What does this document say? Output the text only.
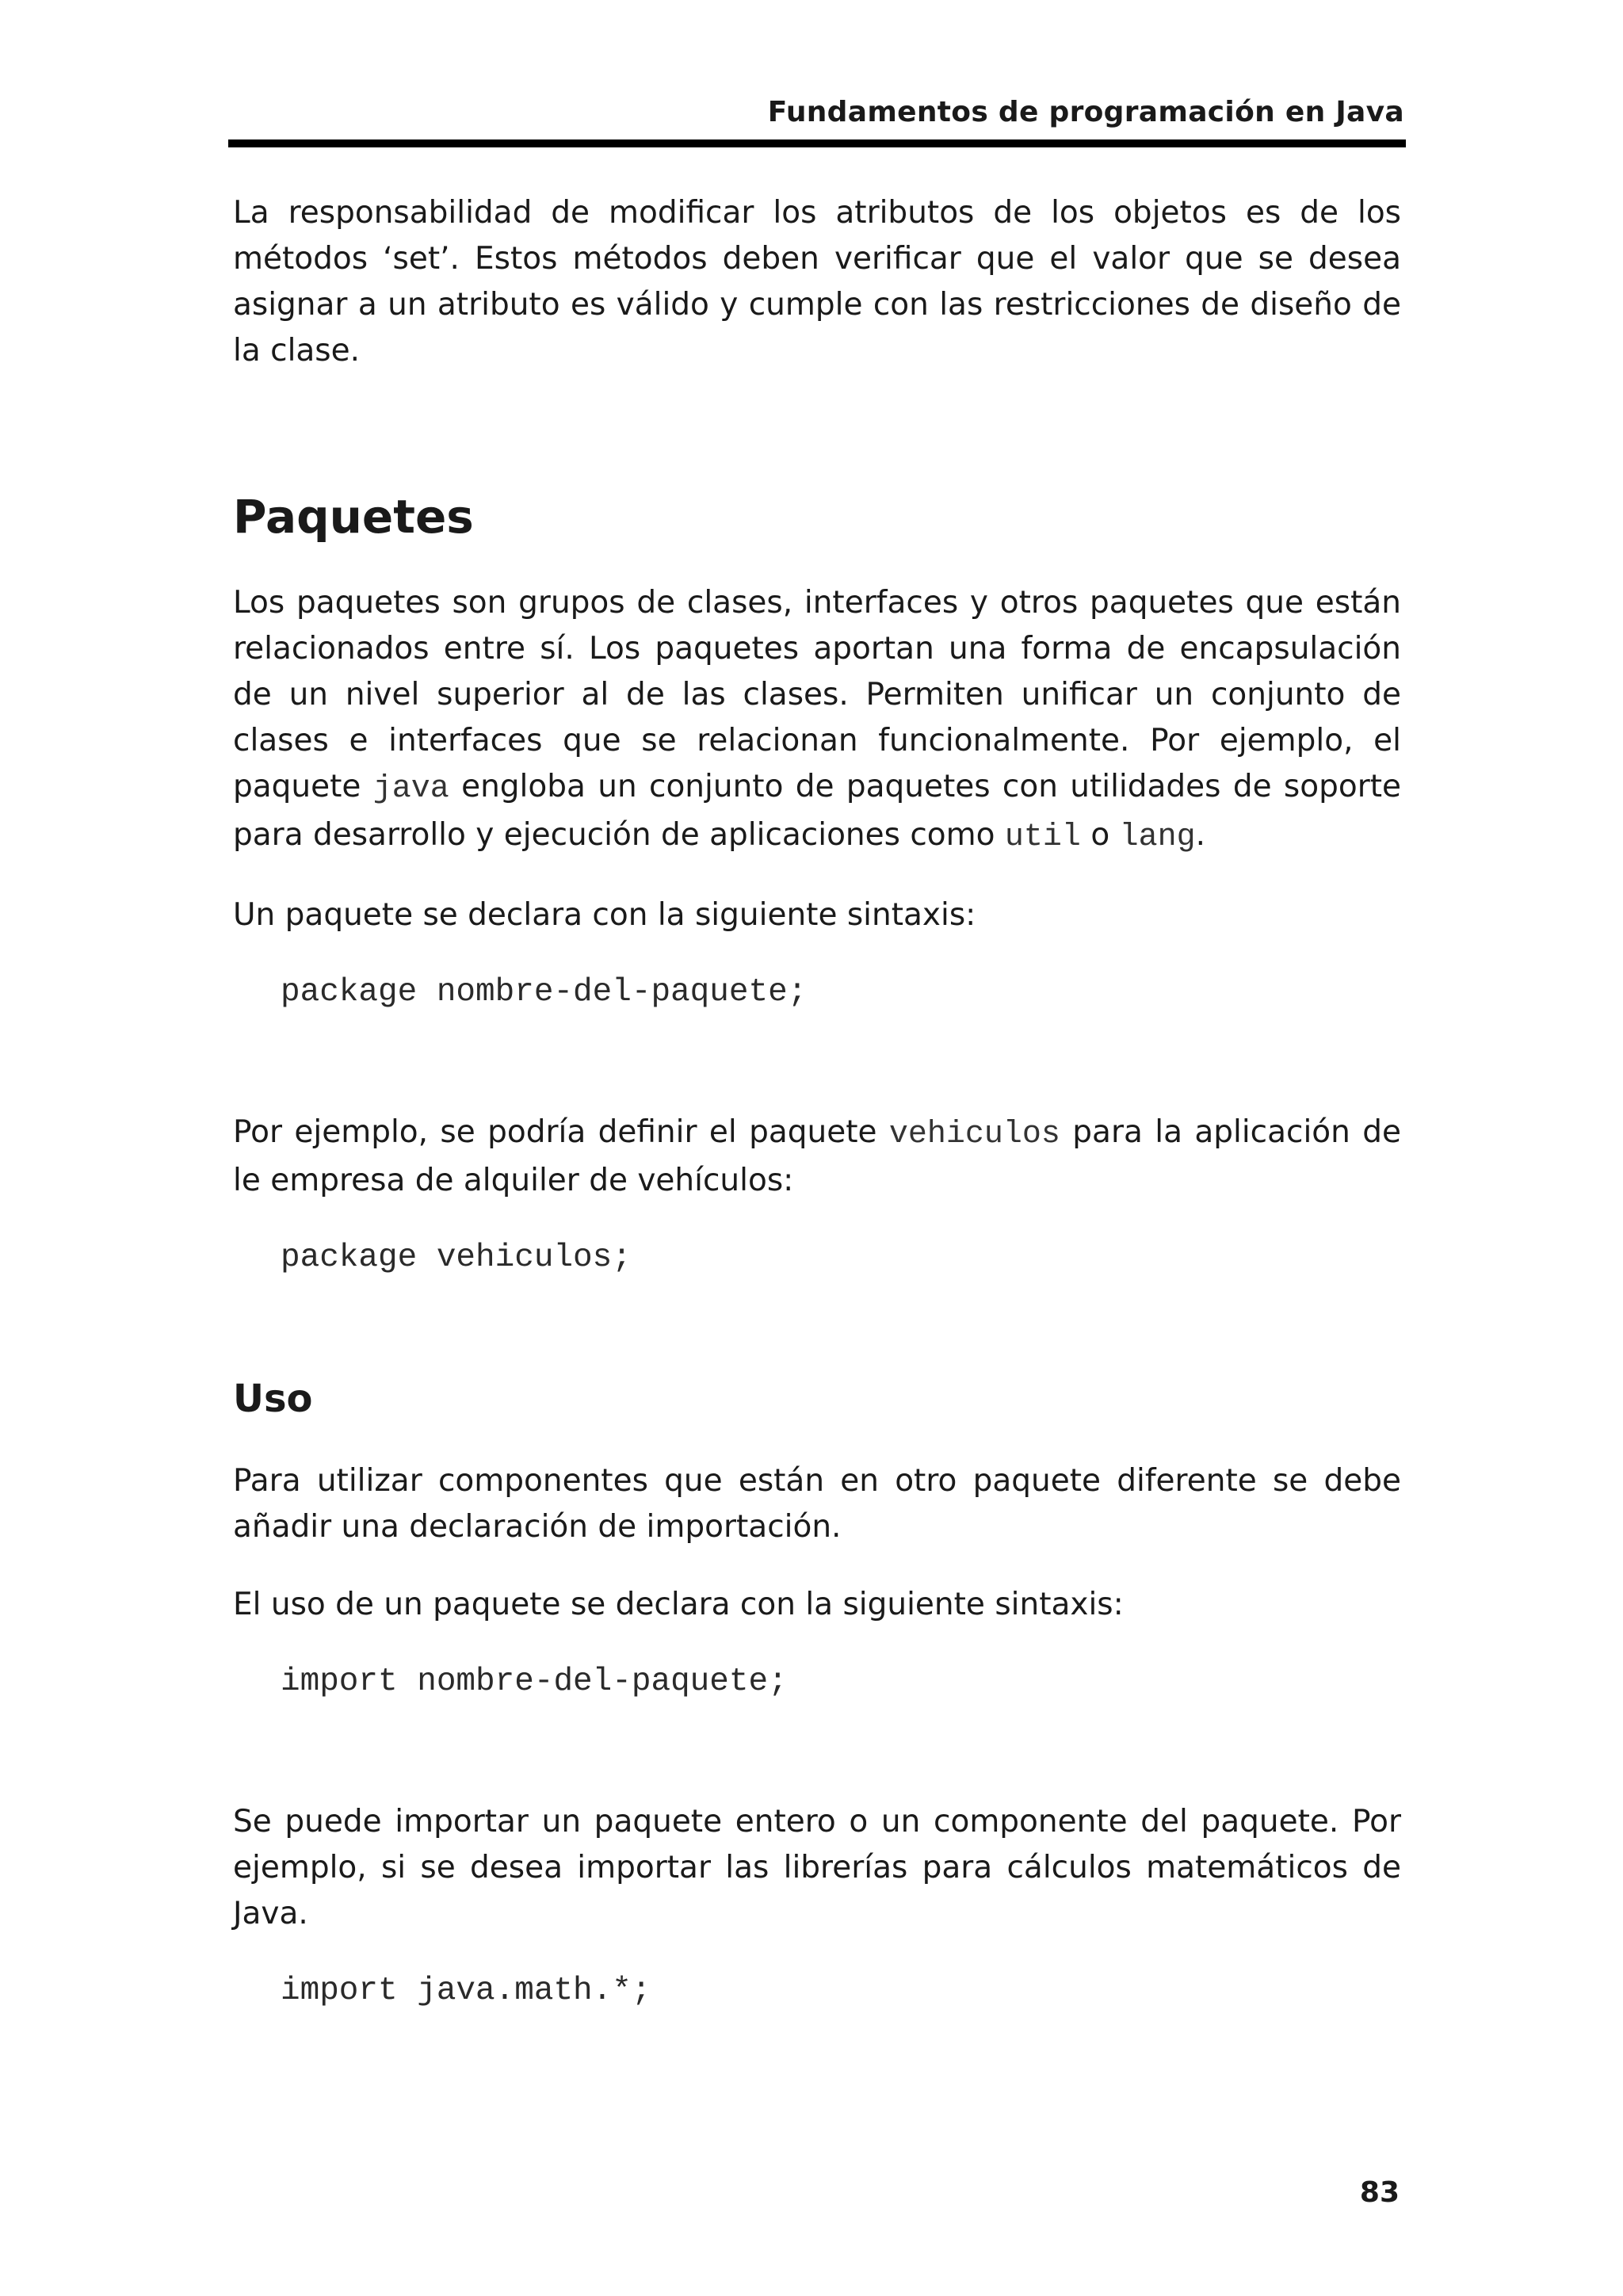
Fundamentos de programación en Java

La responsabilidad de modificar los atributos de los objetos es de los métodos ‘set’. Estos métodos deben verificar que el valor que se desea asignar a un atributo es válido y cumple con las restricciones de diseño de la clase.

Paquetes

Los paquetes son grupos de clases, interfaces y otros paquetes que están relacionados entre sí. Los paquetes aportan una forma de encapsulación de un nivel superior al de las clases. Permiten unificar un conjunto de clases e interfaces que se relacionan funcionalmente. Por ejemplo, el paquete java engloba un conjunto de paquetes con utilidades de soporte para desarrollo y ejecución de aplicaciones como util o lang.

Un paquete se declara con la siguiente sintaxis:

package nombre-del-paquete;

Por ejemplo, se podría definir el paquete vehiculos para la aplicación de le empresa de alquiler de vehículos:

package vehiculos;

Uso

Para utilizar componentes que están en otro paquete diferente se debe añadir una declaración de importación.

El uso de un paquete se declara con la siguiente sintaxis:

import nombre-del-paquete;

Se puede importar un paquete entero o un componente del paquete. Por ejemplo, si se desea importar las librerías para cálculos matemáticos de Java.

import java.math.*;

83
